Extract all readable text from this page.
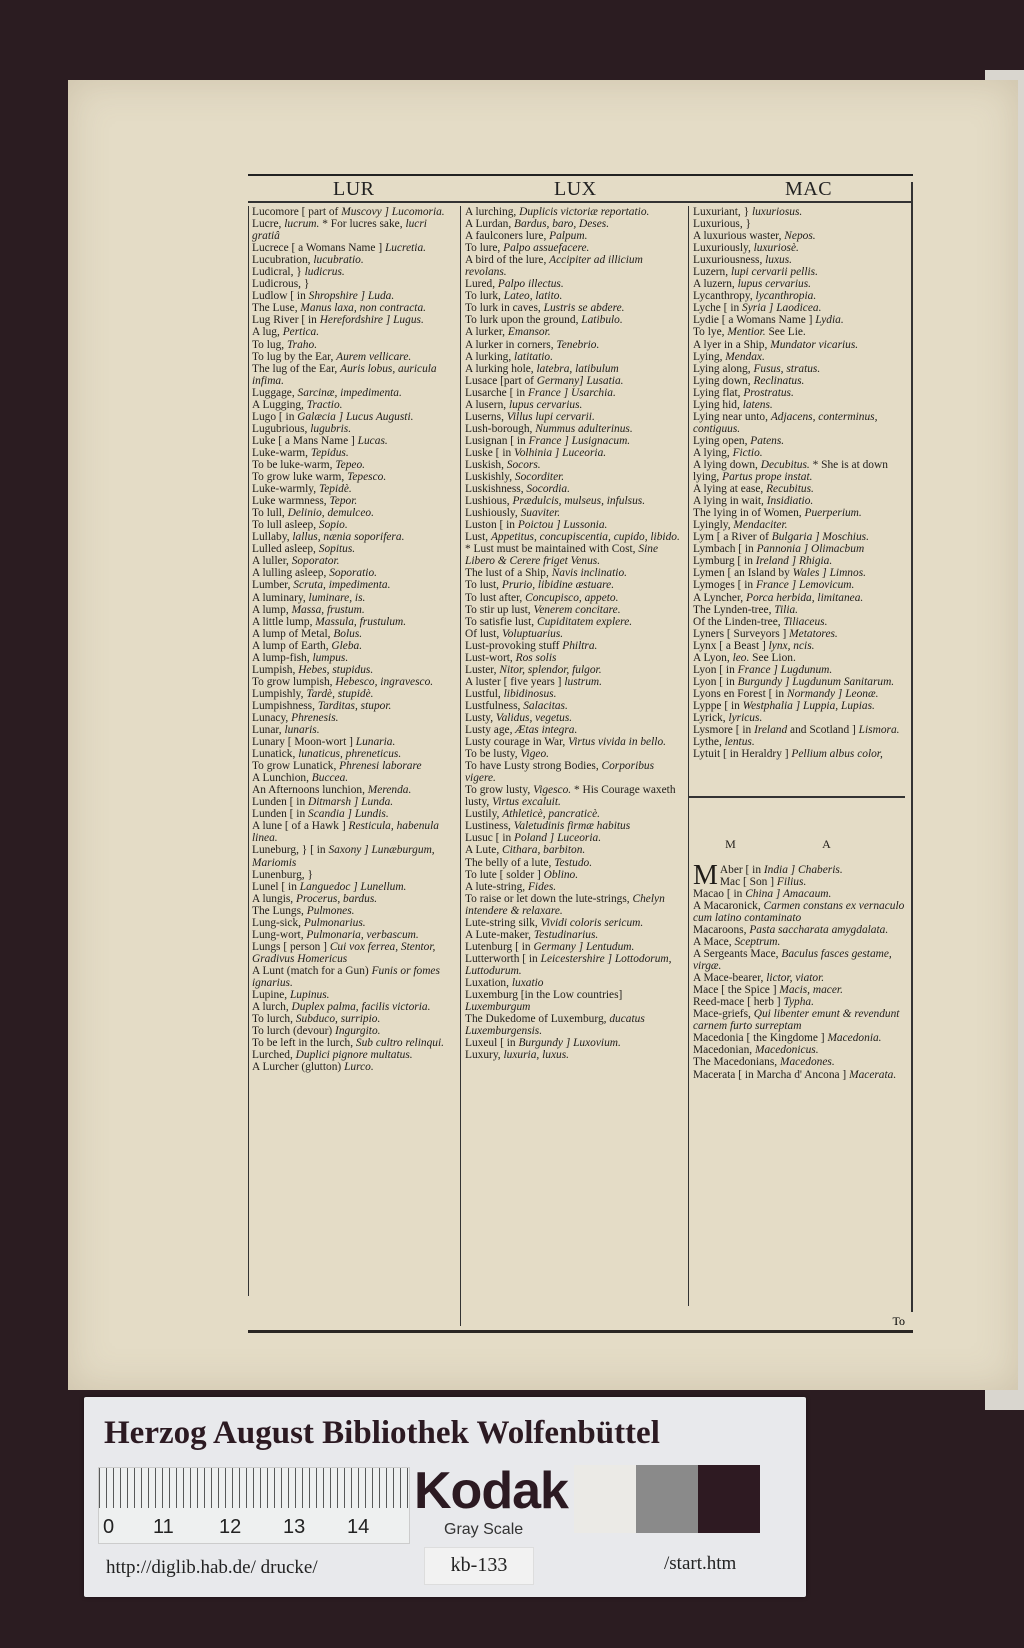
LUR	LUX	MAC

Lucomore [ part of Muscovy ] Lucomoria.

Lucre, lucrum. * For lucres sake, lucri gratiâ

Lucrece [ a Womans Name ] Lucretia.

Lucubration, lucubratio.

Ludicral, } ludicrus.

Ludicrous, }

Ludlow [ in Shropshire ] Luda.

The Luse, Manus laxa, non contracta.

Lug River [ in Herefordshire ] Lugus.

A lug, Pertica.

To lug, Traho.

To lug by the Ear, Aurem vellicare.

The lug of the Ear, Auris lobus, auricula infima.

Luggage, Sarcinæ, impedimenta.

A Lugging, Tractio.

Lugo [ in Galæcia ] Lucus Augusti.

Lugubrious, lugubris.

Luke [ a Mans Name ] Lucas.

Luke-warm, Tepidus.

To be luke-warm, Tepeo.

To grow luke warm, Tepesco.

Luke-warmly, Tepidè.

Luke warmness, Tepor.

To lull, Delinio, demulceo.

To lull asleep, Sopio.

Lullaby, lallus, nænia soporifera.

Lulled asleep, Sopitus.

A luller, Soporator.

A lulling asleep, Soporatio.

Lumber, Scruta, impedimenta.

A luminary, luminare, is.

A lump, Massa, frustum.

A little lump, Massula, frustulum.

A lump of Metal, Bolus.

A lump of Earth, Gleba.

A lump-fish, lumpus.

Lumpish, Hebes, stupidus.

To grow lumpish, Hebesco, ingravesco.

Lumpishly, Tardè, stupidè.

Lumpishness, Tarditas, stupor.

Lunacy, Phrenesis.

Lunar, lunaris.

Lunary [ Moon-wort ] Lunaria.

Lunatick, lunaticus, phreneticus.

To grow Lunatick, Phrenesi laborare

A Lunchion, Buccea.

An Afternoons lunchion, Merenda.

Lunden [ in Ditmarsh ] Lunda.

Lunden [ in Scandia ] Lundis.

A lune [ of a Hawk ] Resticula, habenula linea.

Luneburg, } [ in Saxony ] Lunæburgum, Mariomis

Lunenburg, }

Lunel [ in Languedoc ] Lunellum.

A lungis, Procerus, bardus.

The Lungs, Pulmones.

Lung-sick, Pulmonarius.

Lung-wort, Pulmonaria, verbascum.

Lungs [ person ] Cui vox ferrea, Stentor, Gradivus Homericus

A Lunt (match for a Gun) Funis or fomes ignarius.

Lupine, Lupinus.

A lurch, Duplex palma, facilis victoria.

To lurch, Subduco, surripio.

To lurch (devour) Ingurgito.

To be left in the lurch, Sub cultro relinqui.

Lurched, Duplici pignore multatus.

A Lurcher (glutton) Lurco.

A lurching, Duplicis victoriæ reportatio.

A Lurdan, Bardus, baro, Deses.

A faulconers lure, Palpum.

To lure, Palpo assuefacere.

A bird of the lure, Accipiter ad illicium revolans.

Lured, Palpo illectus.

To lurk, Lateo, latito.

To lurk in caves, Lustris se abdere.

To lurk upon the ground, Latibulo.

A lurker, Emansor.

A lurker in corners, Tenebrio.

A lurking, latitatio.

A lurking hole, latebra, latibulum

Lusace [part of Germany] Lusatia.

Lusarche [ in France ] Usarchia.

A lusern, lupus cervarius.

Luserns, Villus lupi cervarii.

Lush-borough, Nummus adulterinus.

Lusignan [ in France ] Lusignacum.

Luske [ in Volhinia ] Luceoria.

Luskish, Socors.

Luskishly, Socorditer.

Luskishness, Socordia.

Lushious, Prædulcis, mulseus, infulsus.

Lushiously, Suaviter.

Luston [ in Poictou ] Lussonia.

Lust, Appetitus, concupiscentia, cupido, libido. * Lust must be maintained with Cost, Sine Libero & Cerere friget Venus.

The lust of a Ship, Navis inclinatio.

To lust, Prurio, libidine æstuare.

To lust after, Concupisco, appeto.

To stir up lust, Venerem concitare.

To satisfie lust, Cupiditatem explere.

Of lust, Voluptuarius.

Lust-provoking stuff Philtra.

Lust-wort, Ros solis

Luster, Nitor, splendor, fulgor.

A luster [ five years ] lustrum.

Lustful, libidinosus.

Lustfulness, Salacitas.

Lusty, Validus, vegetus.

Lusty age, Ætas integra.

Lusty courage in War, Virtus vivida in bello.

To be lusty, Vigeo.

To have Lusty strong Bodies, Corporibus vigere.

To grow lusty, Vigesco. * His Courage waxeth lusty, Virtus excaluit.

Lustily, Athleticè, pancraticè.

Lustiness, Valetudinis firmæ habitus

Lusuc [ in Poland ] Luceoria.

A Lute, Cithara, barbiton.

The belly of a lute, Testudo.

To lute [ solder ] Oblino.

A lute-string, Fides.

To raise or let down the lute-strings, Chelyn intendere & relaxare.

Lute-string silk, Vividi coloris sericum.

A Lute-maker, Testudinarius.

Lutenburg [ in Germany ] Lentudum.

Lutterworth [ in Leicestershire ] Lottodorum, Luttodurum.

Luxation, luxatio

Luxemburg [in the Low countries] Luxemburgum

The Dukedome of Luxemburg, ducatus Luxemburgensis.

Luxeul [ in Burgundy ] Luxovium.

Luxury, luxuria, luxus.

Luxuriant, } luxuriosus.

Luxurious, }

A luxurious waster, Nepos.

Luxuriously, luxuriosè.

Luxuriousness, luxus.

Luzern, lupi cervarii pellis.

A luzern, lupus cervarius.

Lycanthropy, lycanthropia.

Lyche [ in Syria ] Laodicea.

Lydie [ a Womans Name ] Lydia.

To lye, Mentior. See Lie.

A lyer in a Ship, Mundator vicarius.

Lying, Mendax.

Lying along, Fusus, stratus.

Lying down, Reclinatus.

Lying flat, Prostratus.

Lying hid, latens.

Lying near unto, Adjacens, conterminus, contiguus.

Lying open, Patens.

A lying, Fictio.

A lying down, Decubitus. * She is at down lying, Partus prope instat.

A lying at ease, Recubitus.

A lying in wait, Insidiatio.

The lying in of Women, Puerperium.

Lyingly, Mendaciter.

Lym [ a River of Bulgaria ] Moschius.

Lymbach [ in Pannonia ] Olimacbum

Lymburg [ in Ireland ] Rhigia.

Lymen [ an Island by Wales ] Limnos.

Lymoges [ in France ] Lemovicum.

A Lyncher, Porca herbida, limitanea.

The Lynden-tree, Tilia.

Of the Linden-tree, Tiliaceus.

Lyners [ Surveyors ] Metatores.

Lynx [ a Beast ] lynx, ncis.

A Lyon, leo. See Lion.

Lyon [ in France ] Lugdunum.

Lyon [ in Burgundy ] Lugdunum Sanitarum.

Lyons en Forest [ in Normandy ] Leonæ.

Lyppe [ in Westphalia ] Luppia, Lupias.

Lyrick, lyricus.

Lysmore [ in Ireland and Scotland ] Lismora.

Lythe, lentus.

Lytuit [ in Heraldry ] Pellium albus color,

M A
M Aber [ in India ] Chaberis.

Mac [ Son ] Filius.

Macao [ in China ] Amacaum.

A Macaronick, Carmen constans ex vernaculo cum latino contaminato

Macaroons, Pasta saccharata amygdalata.

A Mace, Sceptrum.

A Sergeants Mace, Baculus fasces gestame, virgæ.

A Mace-bearer, lictor, viator.

Mace [ the Spice ] Macis, macer.

Reed-mace [ herb ] Typha.

Mace-griefs, Qui libenter emunt & revendunt carnem furto surreptam

Macedonia [ the Kingdome ] Macedonia.

Macedonian, Macedonicus.

The Macedonians, Macedones.

Macerata [ in Marcha d' Ancona ] Macerata.

To
Herzog August Bibliothek Wolfenbüttel
0 11 12 13 14
Kodak
Gray Scale
kb-133
http://diglib.hab.de/ drucke/	/start.htm
